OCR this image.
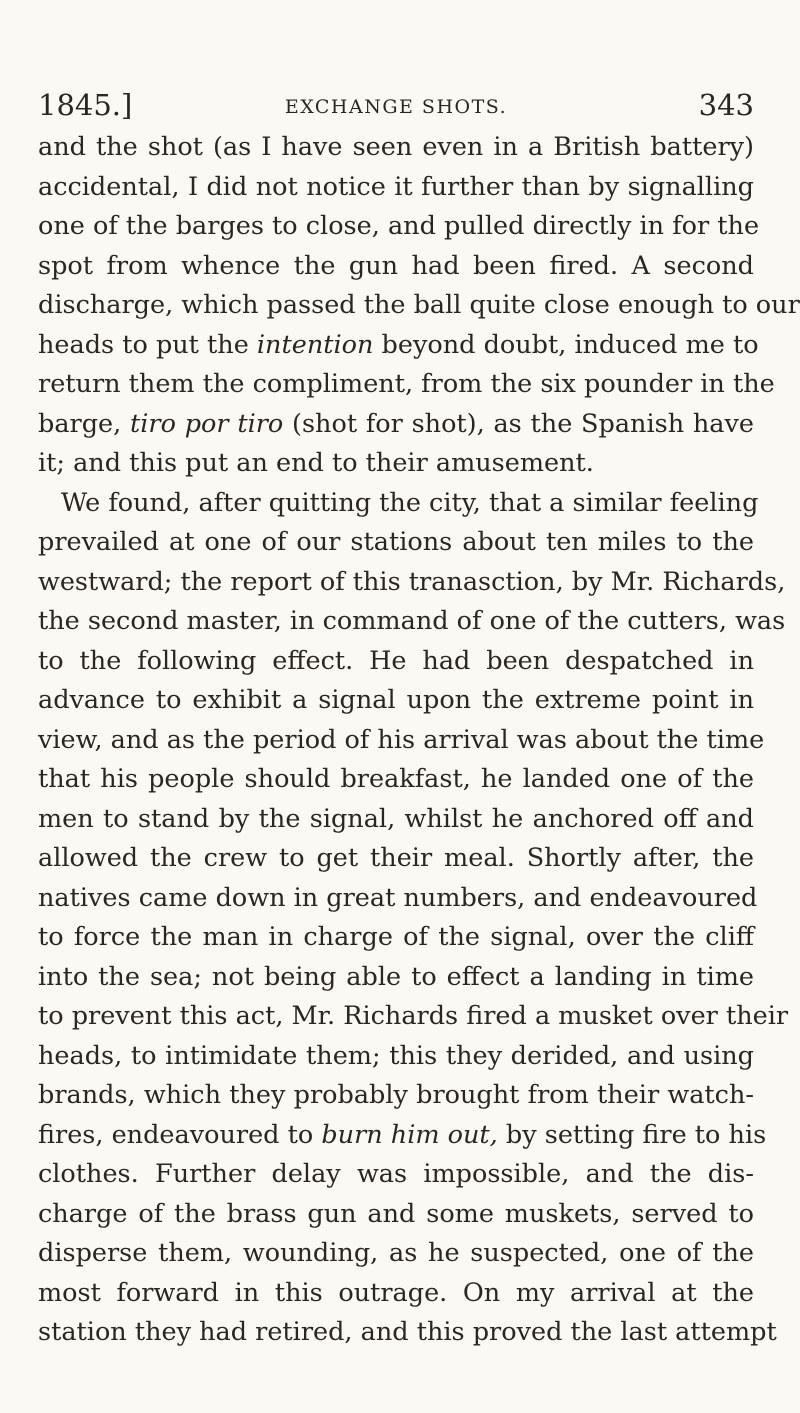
1845.]	EXCHANGE SHOTS.	343
and the shot (as I have seen even in a British battery)
accidental, I did not notice it further than by signalling
one of the barges to close, and pulled directly in for the
spot from whence the gun had been fired. A second
discharge, which passed the ball quite close enough to our
heads to put the intention beyond doubt, induced me to
return them the compliment, from the six pounder in the
barge, tiro por tiro (shot for shot), as the Spanish have
it; and this put an end to their amusement.
We found, after quitting the city, that a similar feeling
prevailed at one of our stations about ten miles to the
westward; the report of this tranasction, by Mr. Richards,
the second master, in command of one of the cutters, was
to the following effect. He had been despatched in
advance to exhibit a signal upon the extreme point in
view, and as the period of his arrival was about the time
that his people should breakfast, he landed one of the
men to stand by the signal, whilst he anchored off and
allowed the crew to get their meal. Shortly after, the
natives came down in great numbers, and endeavoured
to force the man in charge of the signal, over the cliff
into the sea; not being able to effect a landing in time
to prevent this act, Mr. Richards fired a musket over their
heads, to intimidate them; this they derided, and using
brands, which they probably brought from their watch-
fires, endeavoured to burn him out, by setting fire to his
clothes. Further delay was impossible, and the dis-
charge of the brass gun and some muskets, served to
disperse them, wounding, as he suspected, one of the
most forward in this outrage. On my arrival at the
station they had retired, and this proved the last attempt
